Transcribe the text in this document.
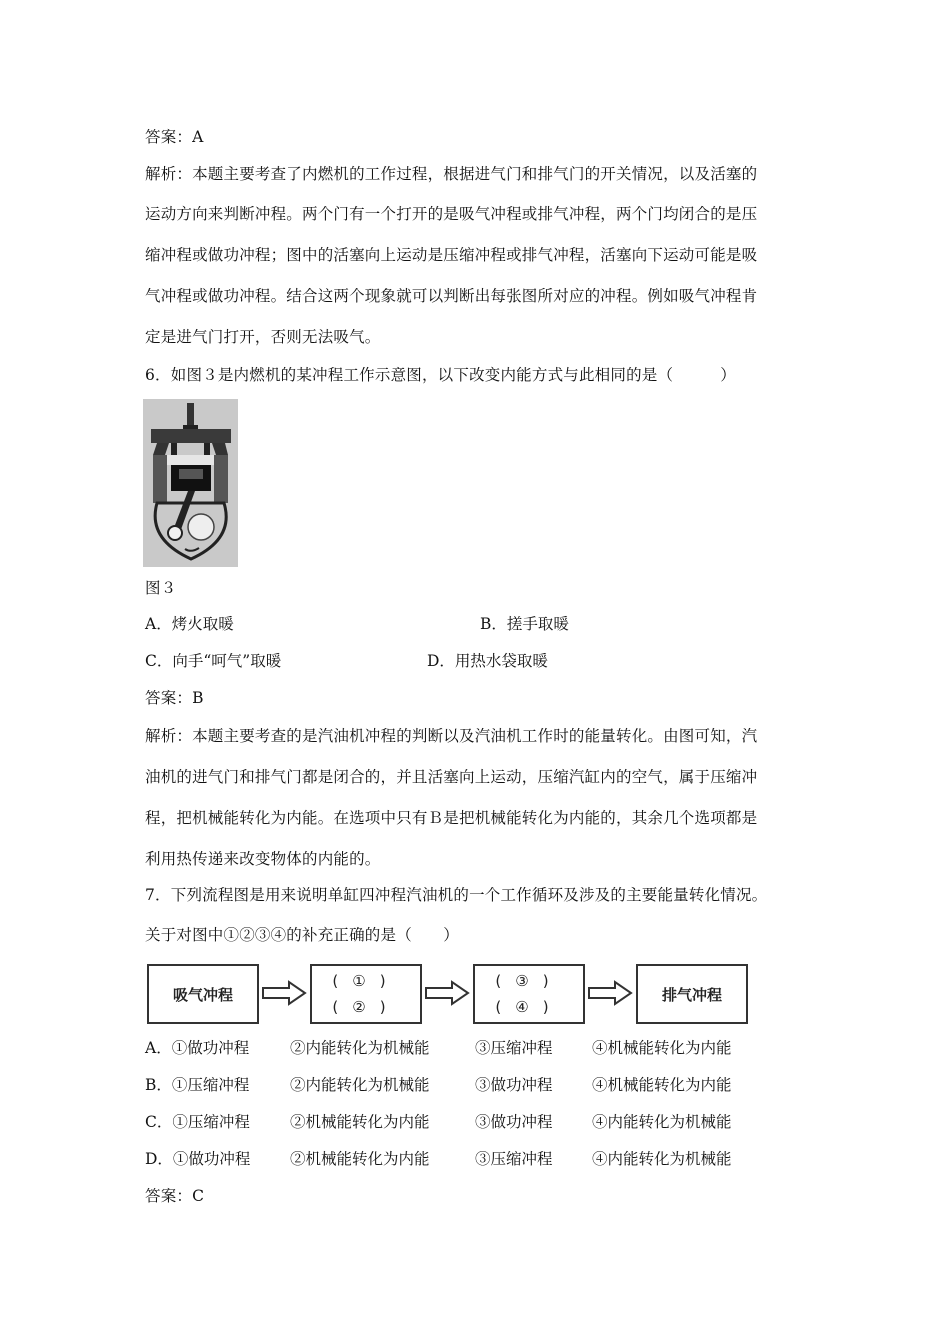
答案：A
解析：本题主要考查了内燃机的工作过程，根据进气门和排气门的开关情况，以及活塞的
运动方向来判断冲程。两个门有一个打开的是吸气冲程或排气冲程，两个门均闭合的是压
缩冲程或做功冲程；图中的活塞向上运动是压缩冲程或排气冲程，活塞向下运动可能是吸
气冲程或做功冲程。结合这两个现象就可以判断出每张图所对应的冲程。例如吸气冲程肯
定是进气门打开，否则无法吸气。
6．如图３是内燃机的某冲程工作示意图，以下改变内能方式与此相同的是（　　　）
图３
A．烤火取暖	B．搓手取暖
C．向手“呵气”取暖	D．用热水袋取暖
答案：B
解析：本题主要考查的是汽油机冲程的判断以及汽油机工作时的能量转化。由图可知，汽
油机的进气门和排气门都是闭合的，并且活塞向上运动，压缩汽缸内的空气，属于压缩冲
程，把机械能转化为内能。在选项中只有Ｂ是把机械能转化为内能的，其余几个选项都是
利用热传递来改变物体的内能的。
7．下列流程图是用来说明单缸四冲程汽油机的一个工作循环及涉及的主要能量转化情况。
关于对图中①②③④的补充正确的是（　　）
吸气冲程
(①)
(②)
(③)
(④)
排气冲程
A．①做功冲程	②内能转化为机械能	③压缩冲程	④机械能转化为内能
B．①压缩冲程	②内能转化为机械能	③做功冲程	④机械能转化为内能
C．①压缩冲程	②机械能转化为内能	③做功冲程	④内能转化为机械能
D．①做功冲程	②机械能转化为内能	③压缩冲程	④内能转化为机械能
答案：C
